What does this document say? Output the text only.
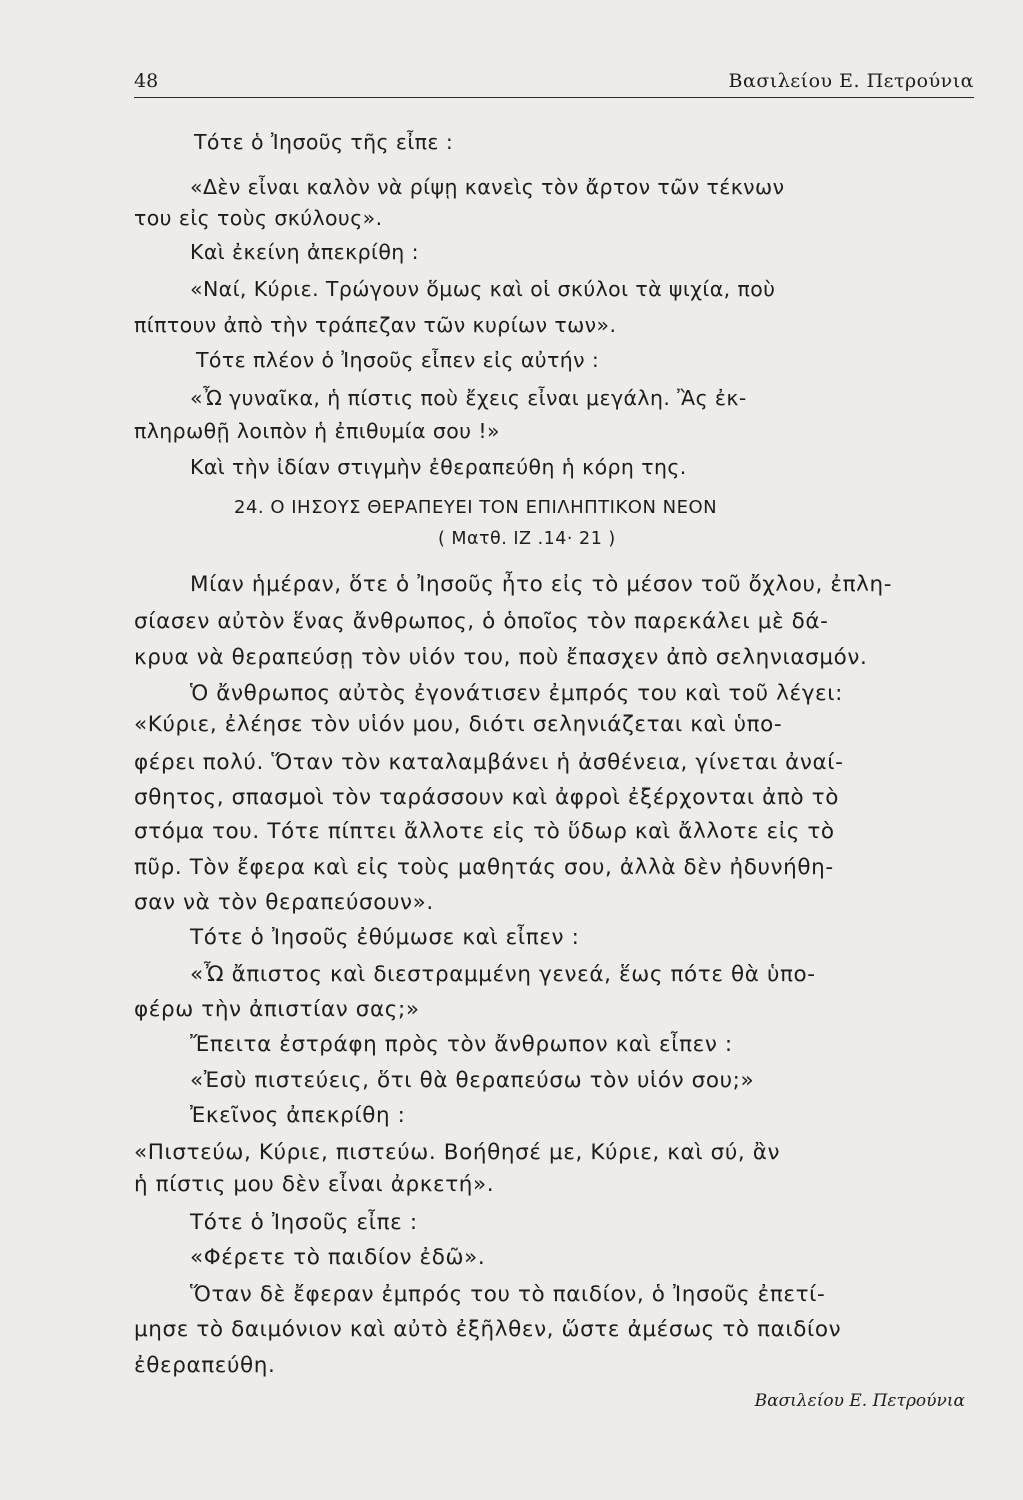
48	Βασιλείου Ε. Πετρούνια
Τότε ὁ Ἰησοῦς τῆς εἶπε :
«Δὲν εἶναι καλὸν νὰ ρίψῃ κανεὶς τὸν ἄρτον τῶν τέκνων
του εἰς τοὺς σκύλους».
Καὶ ἐκείνη ἀπεκρίθη :
«Ναί, Κύριε. Τρώγουν ὅμως καὶ οἱ σκύλοι τὰ ψιχία, ποὺ
πίπτουν ἀπὸ τὴν τράπεζαν τῶν κυρίων των».
Τότε πλέον ὁ Ἰησοῦς εἶπεν εἰς αὐτήν :
«Ὦ γυναῖκα, ἡ πίστις ποὺ ἔχεις εἶναι μεγάλη. Ἂς ἐκ-
πληρωθῇ λοιπὸν ἡ ἐπιθυμία σου !»
Καὶ τὴν ἰδίαν στιγμὴν ἐθεραπεύθη ἡ κόρη της.
24. Ο ΙΗΣΟΥΣ ΘΕΡΑΠΕΥΕΙ ΤΟΝ ΕΠΙΛΗΠΤΙΚΟΝ ΝΕΟΝ
( Ματθ. ΙΖ .14· 21 )
Μίαν ἡμέραν, ὅτε ὁ Ἰησοῦς ἦτο εἰς τὸ μέσον τοῦ ὄχλου, ἐπλη-
σίασεν αὐτὸν ἕνας ἄνθρωπος, ὁ ὁποῖος τὸν παρεκάλει μὲ δά-
κρυα νὰ θεραπεύσῃ τὸν υἱόν του, ποὺ ἔπασχεν ἀπὸ σεληνιασμόν.
Ὁ ἄνθρωπος αὐτὸς ἐγονάτισεν ἐμπρός του καὶ τοῦ λέγει:
«Κύριε, ἐλέησε τὸν υἱόν μου, διότι σεληνιάζεται καὶ ὑπο-
φέρει πολύ. Ὅταν τὸν καταλαμβάνει ἡ ἀσθένεια, γίνεται ἀναί-
σθητος, σπασμοὶ τὸν ταράσσουν καὶ ἀφροὶ ἐξέρχονται ἀπὸ τὸ
στόμα του. Τότε πίπτει ἄλλοτε εἰς τὸ ὕδωρ καὶ ἄλλοτε εἰς τὸ
πῦρ. Τὸν ἔφερα καὶ εἰς τοὺς μαθητάς σου, ἀλλὰ δὲν ἠδυνήθη-
σαν νὰ τὸν θεραπεύσουν».
Τότε ὁ Ἰησοῦς ἐθύμωσε καὶ εἶπεν :
«Ὦ ἄπιστος καὶ διεστραμμένη γενεά, ἕως πότε θὰ ὑπο-
φέρω τὴν ἀπιστίαν σας;»
Ἔπειτα ἐστράφη πρὸς τὸν ἄνθρωπον καὶ εἶπεν :
«Ἐσὺ πιστεύεις, ὅτι θὰ θεραπεύσω τὸν υἱόν σου;»
Ἐκεῖνος ἀπεκρίθη :
«Πιστεύω, Κύριε, πιστεύω. Βοήθησέ με, Κύριε, καὶ σύ, ἂν
ἡ πίστις μου δὲν εἶναι ἀρκετή».
Τότε ὁ Ἰησοῦς εἶπε :
«Φέρετε τὸ παιδίον ἐδῶ».
Ὅταν δὲ ἔφεραν ἐμπρός του τὸ παιδίον, ὁ Ἰησοῦς ἐπετί-
μησε τὸ δαιμόνιον καὶ αὐτὸ ἐξῆλθεν, ὥστε ἀμέσως τὸ παιδίον
ἐθεραπεύθη.
Βασιλείου Ε. Πετρούνια
